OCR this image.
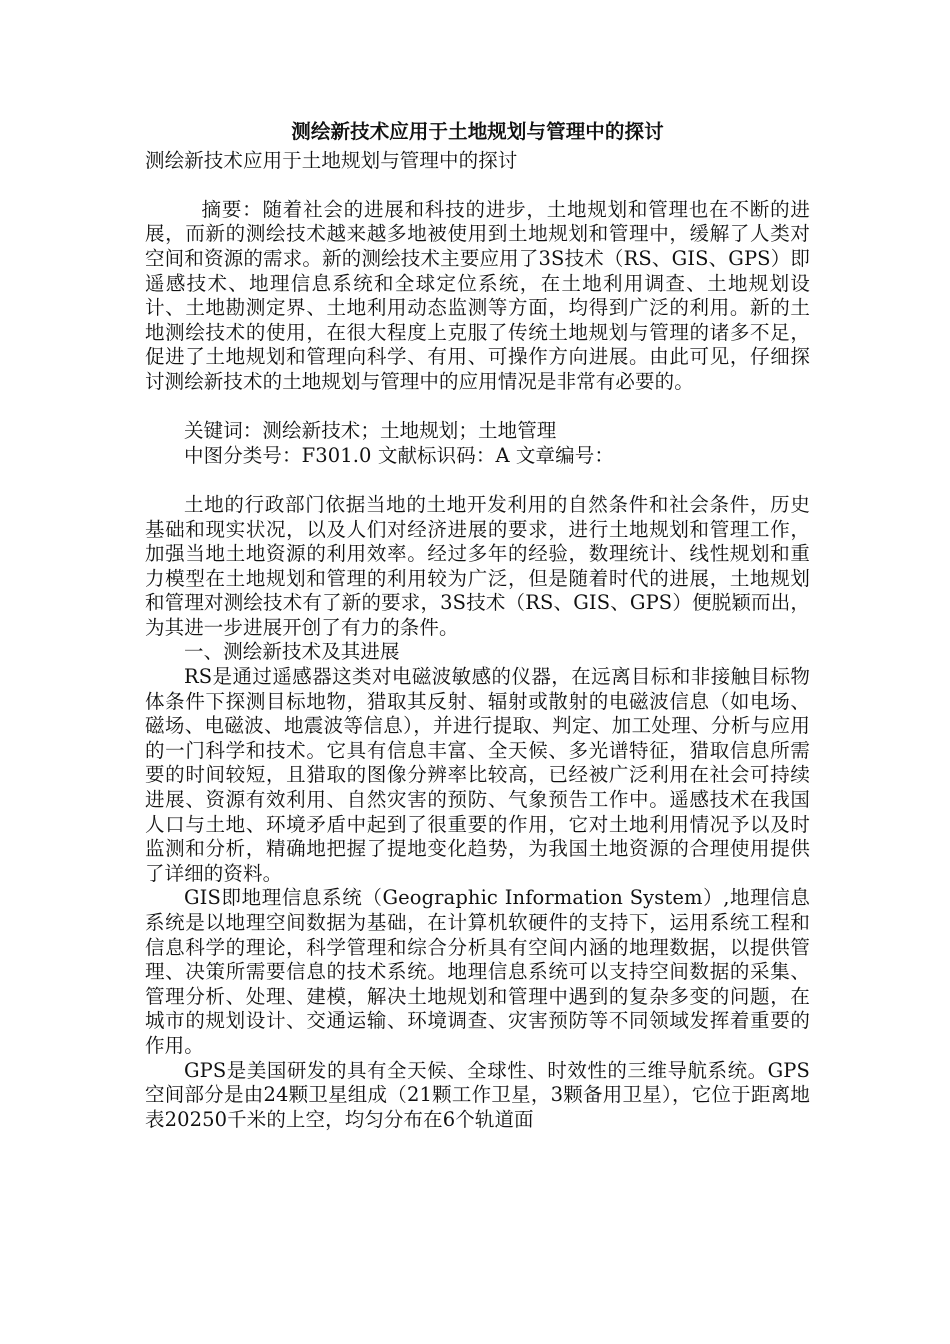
测绘新技术应用于土地规划与管理中的探讨
测绘新技术应用于土地规划与管理中的探讨
摘要：随着社会的进展和科技的进步，土地规划和管理也在不断的进展，而新的测绘技术越来越多地被使用到土地规划和管理中，缓解了人类对空间和资源的需求。新的测绘技术主要应用了3S技术（RS、GIS、GPS）即遥感技术、地理信息系统和全球定位系统，在土地利用调查、土地规划设计、土地勘测定界、土地利用动态监测等方面，均得到广泛的利用。新的土地测绘技术的使用，在很大程度上克服了传统土地规划与管理的诸多不足，促进了土地规划和管理向科学、有用、可操作方向进展。由此可见，仔细探讨测绘新技术的土地规划与管理中的应用情况是非常有必要的。
关键词：测绘新技术；土地规划；土地管理
中图分类号：F301.0 文献标识码：A 文章编号：
土地的行政部门依据当地的土地开发利用的自然条件和社会条件，历史基础和现实状况，以及人们对经济进展的要求，进行土地规划和管理工作，加强当地土地资源的利用效率。经过多年的经验，数理统计、线性规划和重力模型在土地规划和管理的利用较为广泛，但是随着时代的进展，土地规划和管理对测绘技术有了新的要求，3S技术（RS、GIS、GPS）便脱颖而出，为其进一步进展开创了有力的条件。
一、测绘新技术及其进展
RS是通过遥感器这类对电磁波敏感的仪器，在远离目标和非接触目标物体条件下探测目标地物，猎取其反射、辐射或散射的电磁波信息（如电场、磁场、电磁波、地震波等信息），并进行提取、判定、加工处理、分析与应用的一门科学和技术。它具有信息丰富、全天候、多光谱特征，猎取信息所需要的时间较短，且猎取的图像分辨率比较高，已经被广泛利用在社会可持续进展、资源有效利用、自然灾害的预防、气象预告工作中。遥感技术在我国人口与土地、环境矛盾中起到了很重要的作用，它对土地利用情况予以及时监测和分析，精确地把握了提地变化趋势，为我国土地资源的合理使用提供了详细的资料。
GIS即地理信息系统（Geographic Information System）,地理信息系统是以地理空间数据为基础，在计算机软硬件的支持下，运用系统工程和信息科学的理论，科学管理和综合分析具有空间内涵的地理数据，以提供管理、决策所需要信息的技术系统。地理信息系统可以支持空间数据的采集、管理分析、处理、建模，解决土地规划和管理中遇到的复杂多变的问题，在城市的规划设计、交通运输、环境调查、灾害预防等不同领域发挥着重要的作用。
GPS是美国研发的具有全天候、全球性、时效性的三维导航系统。GPS空间部分是由24颗卫星组成（21颗工作卫星，3颗备用卫星），它位于距离地表20250千米的上空，均匀分布在6个轨道面
